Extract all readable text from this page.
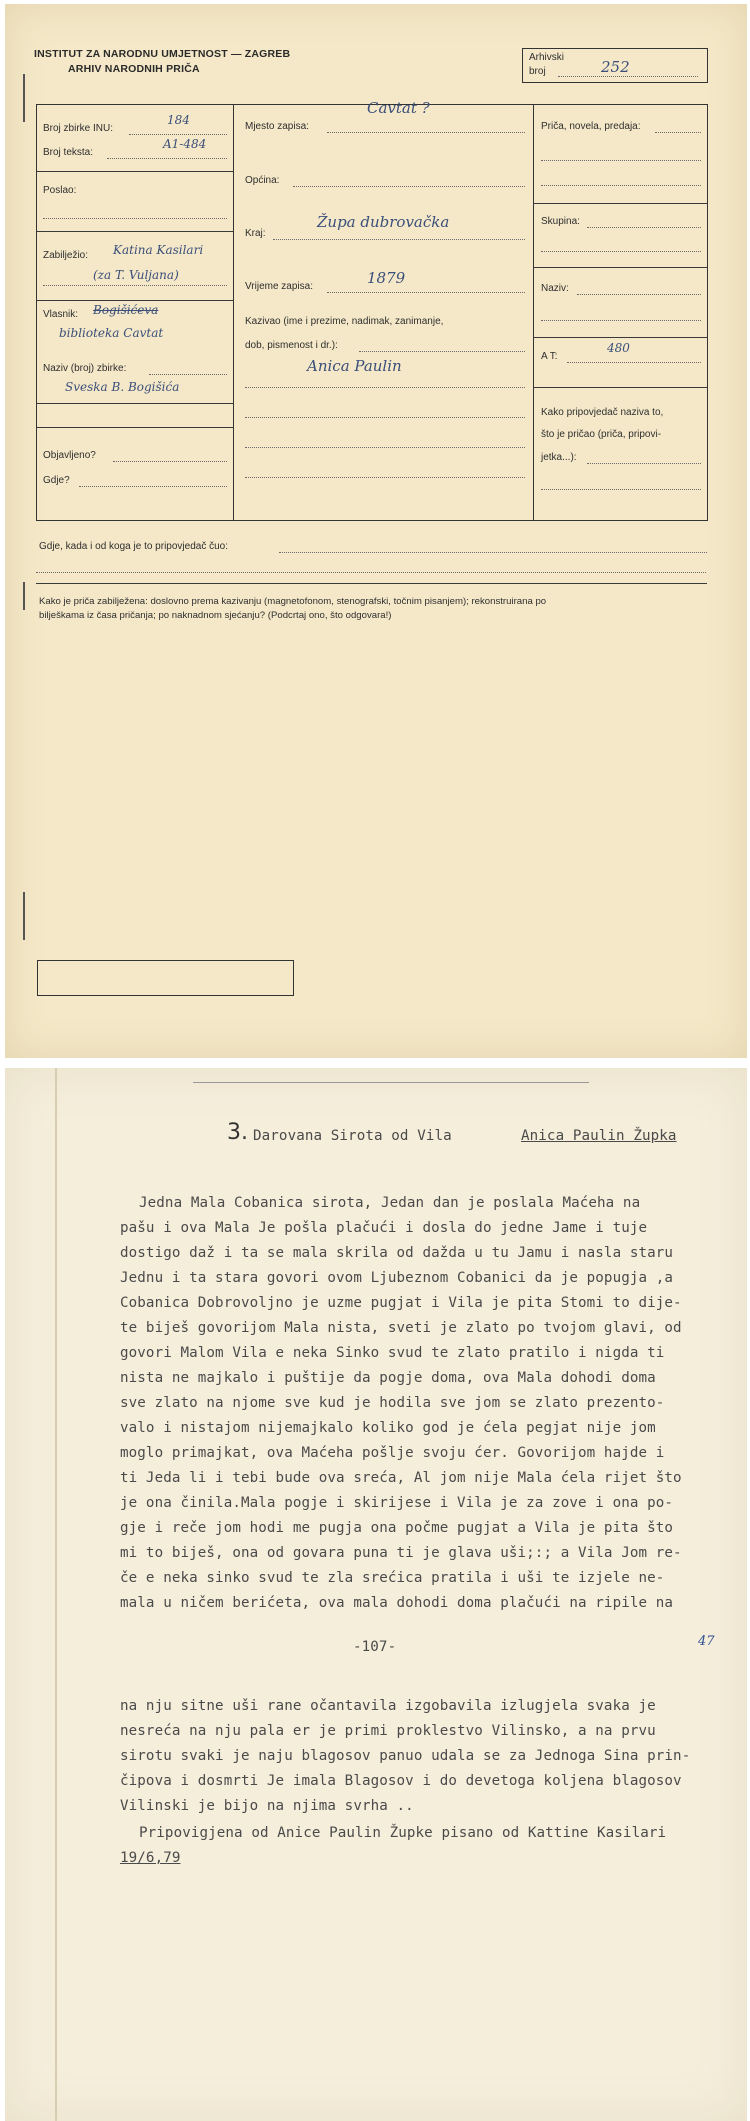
INSTITUT ZA NARODNU UMJETNOST — ZAGREB
ARHIV NARODNIH PRIČA
Arhivski
broj	252
Broj zbirke INU:
184
Broj teksta:
A1-484
Poslao:
Zabilježio: Katina Kasilari
(za T. Vuljana)
Vlasnik: Bogišićeva
biblioteka Cavtat
Naziv (broj) zbirke:
Sveska B. Bogišića
Objavljeno?
Gdje?
Mjesto zapisa:
Cavtat ?
Općina:
Kraj:
Župa dubrovačka
Vrijeme zapisa:	1879
Kazivao (ime i prezime, nadimak, zanimanje,
dob, pismenost i dr.):
Anica Paulin
Priča, novela, predaja:
Skupina:
Naziv:
A T:
480
Kako pripovjedač naziva to,
što je pričao (priča, pripovi-
jetka...):
Gdje, kada i od koga je to pripovjedač čuo:
Kako je priča zabilježena: doslovno prema kazivanju (magnetofonom, stenografski, točnim pisanjem); rekonstruirana po
bilješkama iz časa pričanja; po naknadnom sjećanju? (Podcrtaj ono, što odgovara!)
3. Darovana Sirota od Vila	Anica Paulin Župka
Jedna Mala Cobanica sirota, Jedan dan je poslala Maćeha na
pašu i ova Mala Je pošla plačući i dosla do jedne Jame i tuje
dostigo daž i ta se mala skrila od dažda u tu Jamu i nasla staru
Jednu i ta stara govori ovom Ljubeznom Cobanici da je popugja ,a
Cobanica Dobrovoljno je uzme pugjat i Vila je pita Stomi to dije-
te biješ govorijom Mala nista, sveti je zlato po tvojom glavi, od
govori Malom Vila e neka Sinko svud te zlato pratilo i nigda ti
nista ne majkalo i puštije da pogje doma, ova Mala dohodi doma
sve zlato na njome sve kud je hodila sve jom se zlato prezento-
valo i nistajom nijemajkalo koliko god je ćela pegjat nije jom
moglo primajkat, ova Maćeha pošlje svoju ćer. Govorijom hajde i
ti Jeda li i tebi bude ova sreća, Al jom nije Mala ćela rijet što
je ona činila.Mala pogje i skirijese i Vila je za zove i ona po-
gje i reče jom hodi me pugja ona počme pugjat a Vila je pita što
mi to biješ, ona od govara puna ti je glava uši;:; a Vila Jom re-
če e neka sinko svud te zla srećica pratila i uši te izjele ne-
mala u ničem berićeta, ova mala dohodi doma plačući na ripile na
-107-	47
na nju sitne uši rane očantavila izgobavila izlugjela svaka je
nesreća na nju pala er je primi proklestvo Vilinsko, a na prvu
sirotu svaki je naju blagosov panuo udala se za Jednoga Sina prin-
čipova i dosmrti Je imala Blagosov i do devetoga koljena blagosov
Vilinski je bijo na njima svrha ..
Pripovigjena od Anice Paulin Župke pisano od Kattine Kasilari
19/6,79
